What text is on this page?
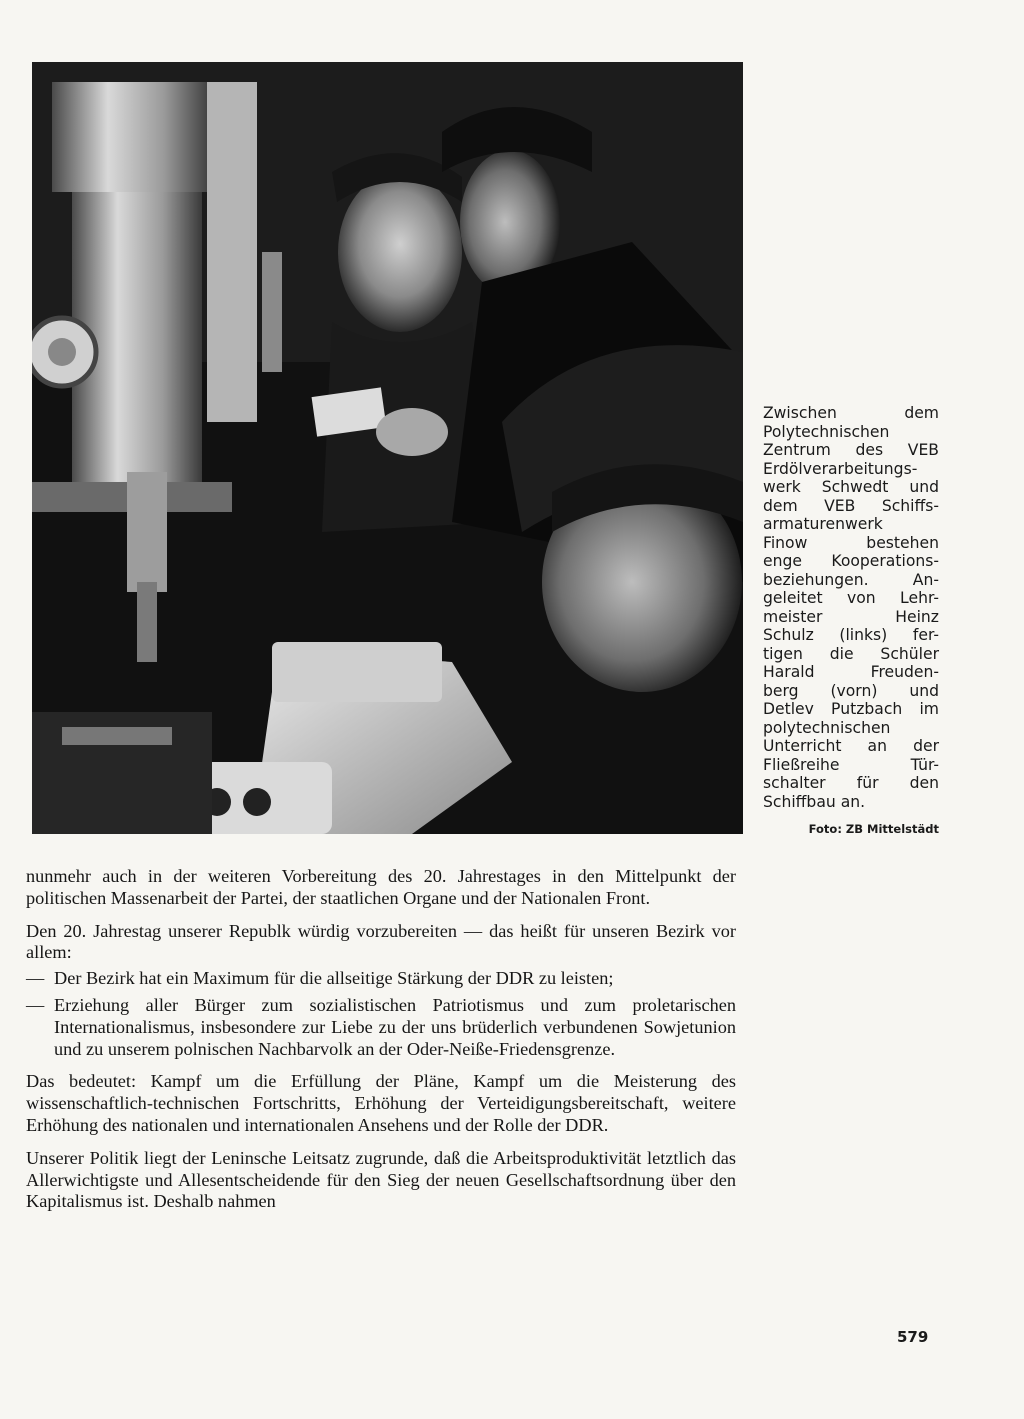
Zwischen dem
Polytechnischen
Zentrum des VEB
Erdölverarbeitungs-
werk Schwedt und
dem VEB Schiffs-
armaturenwerk
Finow bestehen
enge Kooperations-
beziehungen. An-
geleitet von Lehr-
meister Heinz
Schulz (links) fer-
tigen die Schüler
Harald Freuden-
berg (vorn) und
Detlev Putzbach im
polytechnischen
Unterricht an der
Fließreihe Tür-
schalter für den
Schiffbau an.
Foto: ZB Mittelstädt

nunmehr auch in der weiteren Vorbereitung des 20. Jahrestages in den Mittelpunkt der politischen Massenarbeit der Partei, der staatlichen Organe und der Nationalen Front.

Den 20. Jahrestag unserer Republk würdig vorzubereiten — das heißt für unseren Bezirk vor allem:

— Der Bezirk hat ein Maximum für die allseitige Stärkung der DDR zu leisten;
— Erziehung aller Bürger zum sozialistischen Patriotismus und zum proletarischen Internationalismus, insbesondere zur Liebe zu der uns brüderlich verbundenen Sowjetunion und zu unserem polnischen Nachbarvolk an der Oder-Neiße-Friedensgrenze.

Das bedeutet: Kampf um die Erfüllung der Pläne, Kampf um die Meisterung des wissenschaftlich-technischen Fortschritts, Erhöhung der Verteidigungsbereitschaft, weitere Erhöhung des nationalen und internationalen Ansehens und der Rolle der DDR.

Unserer Politik liegt der Leninsche Leitsatz zugrunde, daß die Arbeitsproduktivität letztlich das Allerwichtigste und Allesentscheidende für den Sieg der neuen Gesellschaftsordnung über den Kapitalismus ist. Deshalb nahmen

579
